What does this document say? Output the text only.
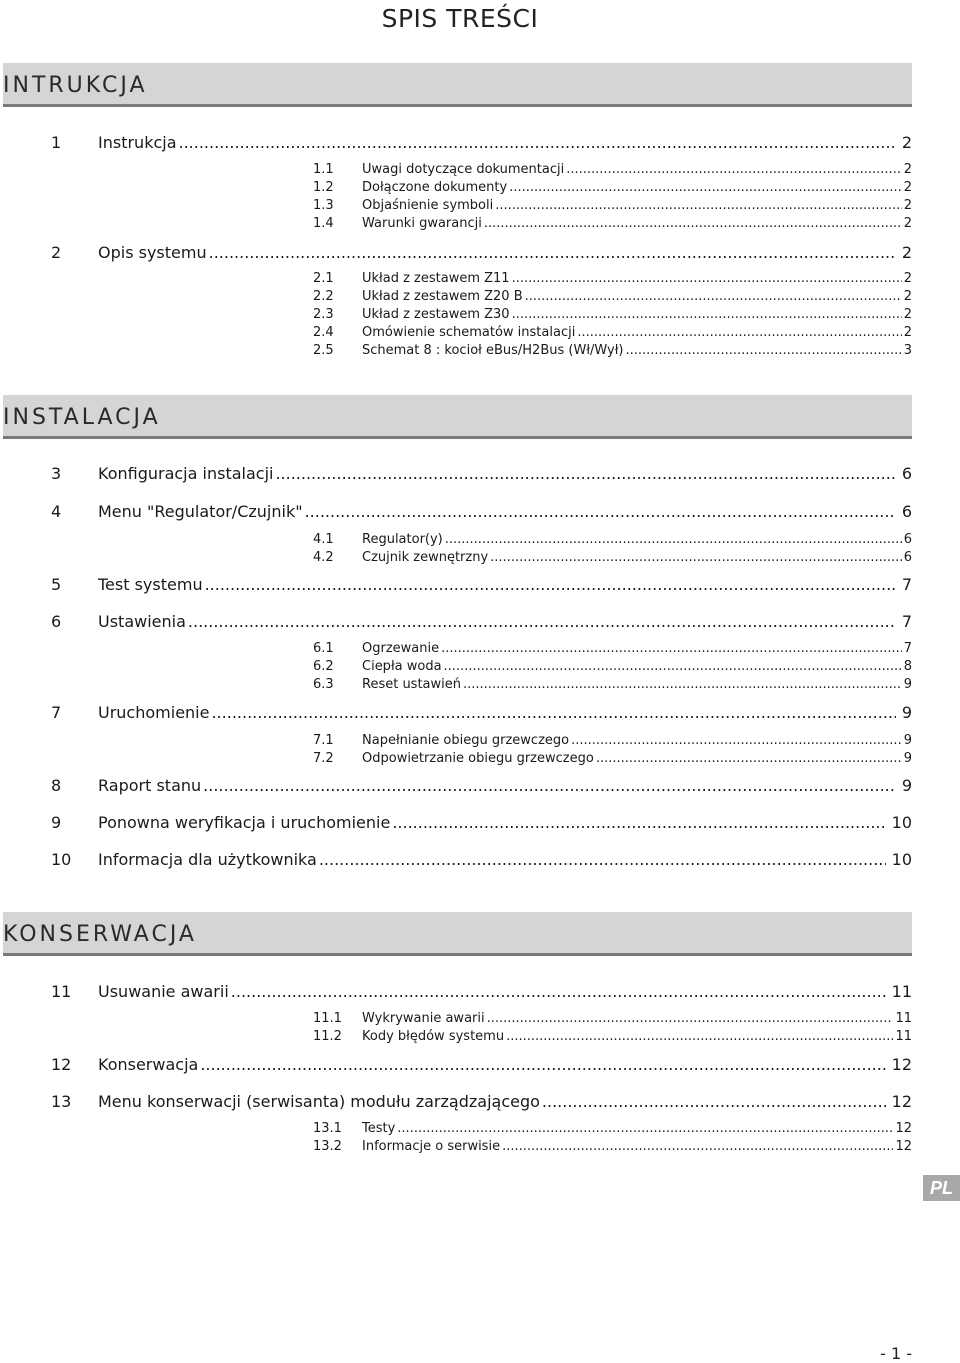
SPIS TREŚCI
INTRUKCJA
INSTALACJA
KONSERWACJA
1 Instrukcja .....	2
1.1 Uwagi dotyczące dokumentacji .....	2
1.2 Dołączone dokumenty .....	2
1.3 Objaśnienie symboli .....	2
1.4 Warunki gwarancji .....	2
2 Opis systemu .....	2
2.1 Układ z zestawem Z11 .....	2
2.2 Układ z zestawem Z20 B .....	2
2.3 Układ z zestawem Z30 .....	2
2.4 Omówienie schematów instalacji .....	2
2.5 Schemat 8 : kocioł eBus/H2Bus (Wł/Wył) .....	3
3 Konfiguracja instalacji .....	6
4 Menu "Regulator/Czujnik" .....	6
4.1 Regulator(y) .....	6
4.2 Czujnik zewnętrzny .....	6
5 Test systemu .....	7
6 Ustawienia .....	7
6.1 Ogrzewanie .....	7
6.2 Ciepła woda .....	8
6.3 Reset ustawień .....	9
7 Uruchomienie .....	9
7.1 Napełnianie obiegu grzewczego .....	9
7.2 Odpowietrzanie obiegu grzewczego .....	9
8 Raport stanu .....	9
9 Ponowna weryfikacja i uruchomienie .....	10
10 Informacja dla użytkownika .....	10
11 Usuwanie awarii .....	11
11.1 Wykrywanie awarii .....	11
11.2 Kody błędów systemu .....	11
12 Konserwacja .....	12
13 Menu konserwacji (serwisanta) modułu zarządzającego .....	12
13.1 Testy .....	12
13.2 Informacje o serwisie .....	12
PL
- 1 -
